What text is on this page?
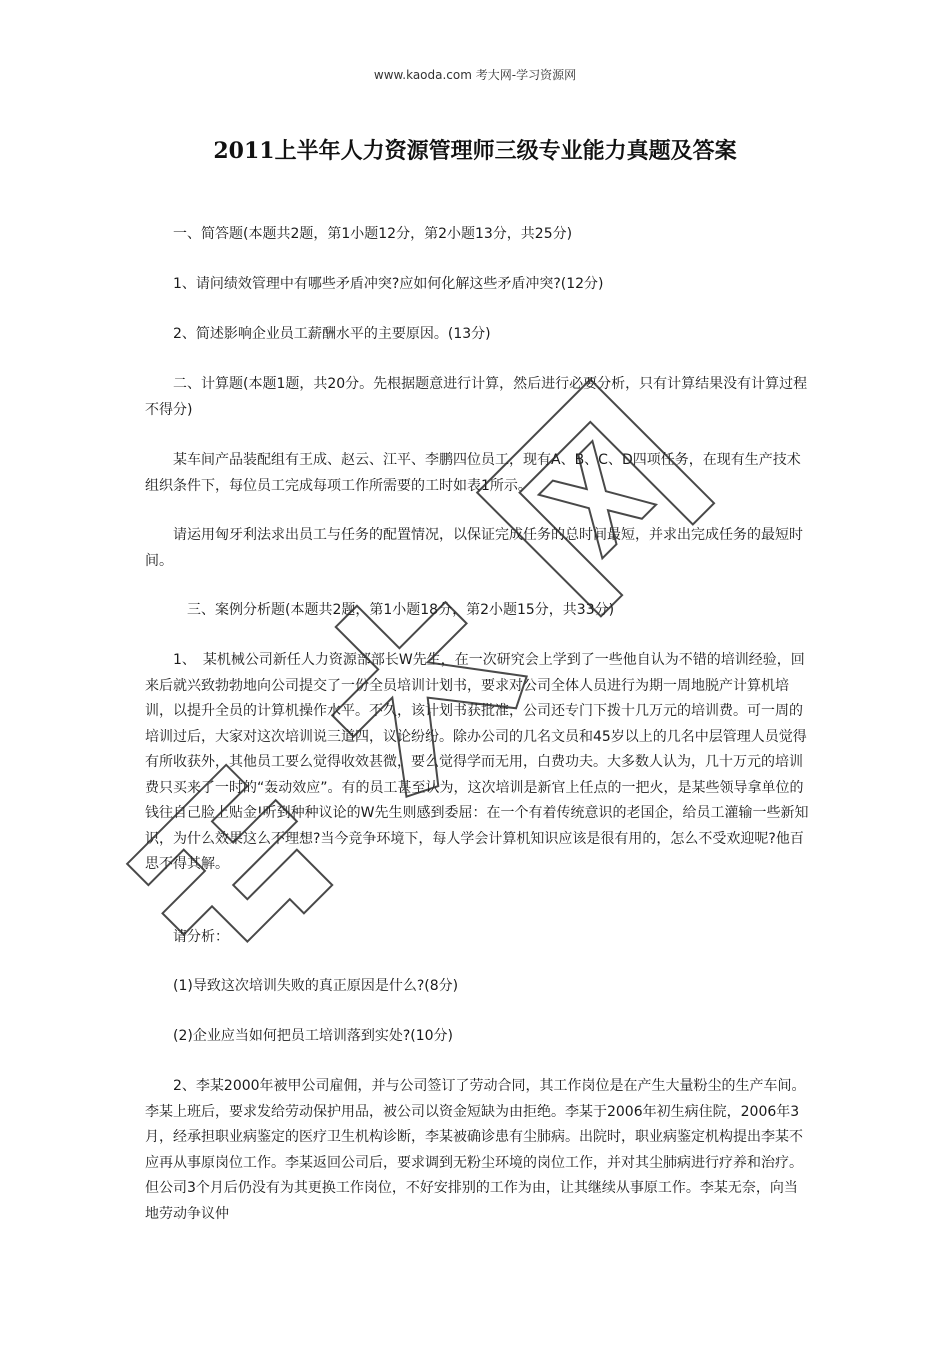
www.kaoda.com 考大网-学习资源网
2011上半年人力资源管理师三级专业能力真题及答案

一、简答题(本题共2题，第1小题12分，第2小题13分，共25分)

1、请问绩效管理中有哪些矛盾冲突?应如何化解这些矛盾冲突?(12分)

2、简述影响企业员工薪酬水平的主要原因。(13分)

二、计算题(本题1题，共20分。先根据题意进行计算，然后进行必要分析，只有计算结果没有计算过程不得分)

某车间产品装配组有王成、赵云、江平、李鹏四位员工，现有A、B、C、D四项任务，在现有生产技术组织条件下，每位员工完成每项工作所需要的工时如表1所示。

请运用匈牙利法求出员工与任务的配置情况，以保证完成任务的总时间最短，并求出完成任务的最短时间。

三、案例分析题(本题共2题，第1小题18分，第2小题15分，共33分)

1、　某机械公司新任人力资源部部长W先生，在一次研究会上学到了一些他自认为不错的培训经验，回来后就兴致勃勃地向公司提交了一份全员培训计划书，要求对公司全体人员进行为期一周地脱产计算机培训，以提升全员的计算机操作水平。不久，该计划书获批准，公司还专门下拨十几万元的培训费。可一周的培训过后，大家对这次培训说三道四，议论纷纷。除办公司的几名文员和45岁以上的几名中层管理人员觉得有所收获外，其他员工要么觉得收效甚微，要么觉得学而无用，白费功夫。大多数人认为，几十万元的培训费只买来了一时的“轰动效应”。有的员工甚至认为，这次培训是新官上任点的一把火，是某些领导拿单位的钱往自己脸上贴金!听到种种议论的W先生则感到委屈：在一个有着传统意识的老国企，给员工灌输一些新知识，为什么效果这么不理想?当今竞争环境下，每人学会计算机知识应该是很有用的，怎么不受欢迎呢?他百思不得其解。

请分析：

(1)导致这次培训失败的真正原因是什么?(8分)

(2)企业应当如何把员工培训落到实处?(10分)

2、李某2000年被甲公司雇佣，并与公司签订了劳动合同，其工作岗位是在产生大量粉尘的生产车间。李某上班后，要求发给劳动保护用品，被公司以资金短缺为由拒绝。李某于2006年初生病住院，2006年3月，经承担职业病鉴定的医疗卫生机构诊断，李某被确诊患有尘肺病。出院时，职业病鉴定机构提出李某不应再从事原岗位工作。李某返回公司后，要求调到无粉尘环境的岗位工作，并对其尘肺病进行疗养和治疗。但公司3个月后仍没有为其更换工作岗位，不好安排别的工作为由，让其继续从事原工作。李某无奈，向当地劳动争议仲
